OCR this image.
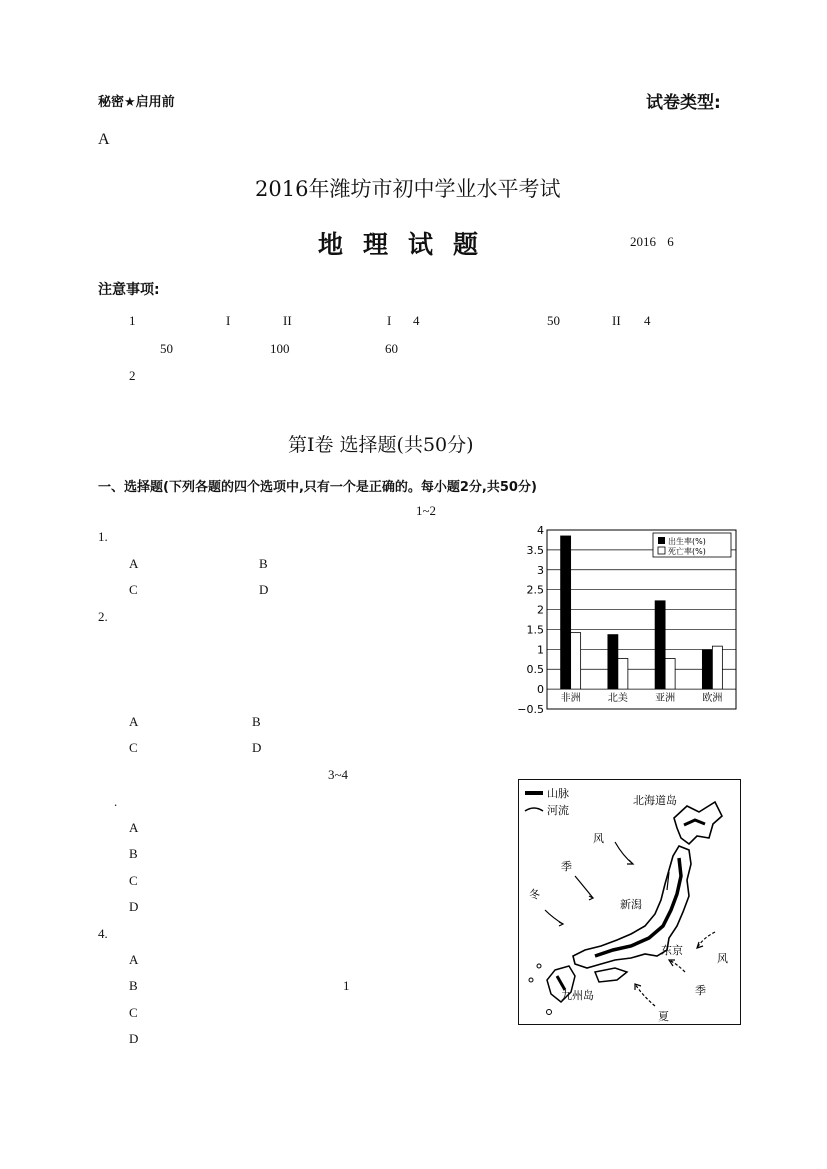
秘密★启用前	试卷类型:
A
2016年潍坊市初中学业水平考试
地理试题	2016 6
注意事项:
1	I	II	I 4	50	II 4
50	100	60
2
第Ⅰ卷 选择题(共50分)
一、选择题(下列各题的四个选项中,只有一个是正确的。每小题2分,共50分)
1~2
1.
A	B
C	D
2.
A	B
C	D
3~4
.
A
B
C
D
4.
A
B	1
C
D
4
3.5
3
2.5
2
1.5
1
0.5
0
−0.5
非洲	北美	亚洲	欧洲
出生率(%)
死亡率(%)
山脉
河流
北海道岛
新潟
东京
九州岛
风
季
冬
风
季
夏
